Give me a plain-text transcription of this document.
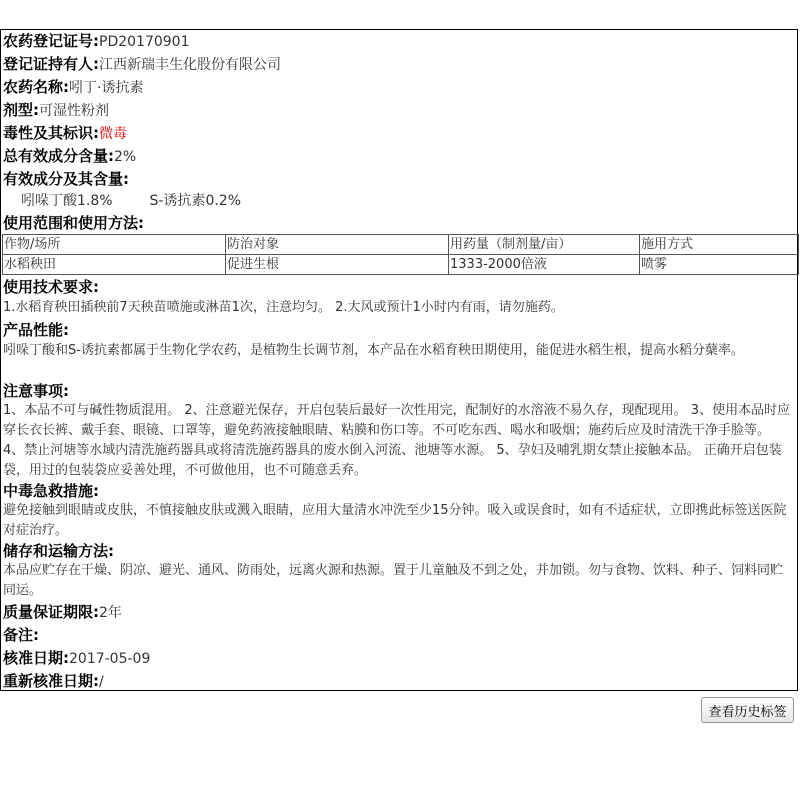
农药登记证号:PD20170901
登记证持有人:江西新瑞丰生化股份有限公司
农药名称:吲丁·诱抗素
剂型:可湿性粉剂
毒性及其标识:微毒
总有效成分含量:2%
有效成分及其含量:
吲哚丁酸1.8%	S-诱抗素0.2%
使用范围和使用方法:
作物/场所	防治对象	用药量（制剂量/亩）	施用方式
水稻秧田	促进生根	1333-2000倍液	喷雾
使用技术要求:
1.水稻育秧田插秧前7天秧苗喷施或淋苗1次，注意均匀。 2.大风或预计1小时内有雨，请勿施药。
产品性能:
吲哚丁酸和S-诱抗素都属于生物化学农药，是植物生长调节剂，本产品在水稻育秧田期使用，能促进水稻生根，提高水稻分蘖率。
注意事项:
1、本品不可与碱性物质混用。 2、注意避光保存，开启包装后最好一次性用完，配制好的水溶液不易久存，现配现用。 3、使用本品时应穿长衣长裤、戴手套、眼镜、口罩等，避免药液接触眼睛、粘膜和伤口等。不可吃东西、喝水和吸烟；施药后应及时清洗干净手脸等。 4、禁止河塘等水域内清洗施药器具或将清洗施药器具的废水倒入河流、池塘等水源。 5、孕妇及哺乳期女禁止接触本品。 正确开启包装袋，用过的包装袋应妥善处理，不可做他用，也不可随意丢弃。
中毒急救措施:
避免接触到眼睛或皮肤，不慎接触皮肤或溅入眼睛，应用大量清水冲洗至少15分钟。吸入或误食时，如有不适症状，立即携此标签送医院对症治疗。
储存和运输方法:
本品应贮存在干燥、阴凉、避光、通风、防雨处，远离火源和热源。置于儿童触及不到之处，并加锁。勿与食物、饮料、种子、饲料同贮同运。
质量保证期限:2年
备注:
核准日期:2017-05-09
重新核准日期:/
查看历史标签
